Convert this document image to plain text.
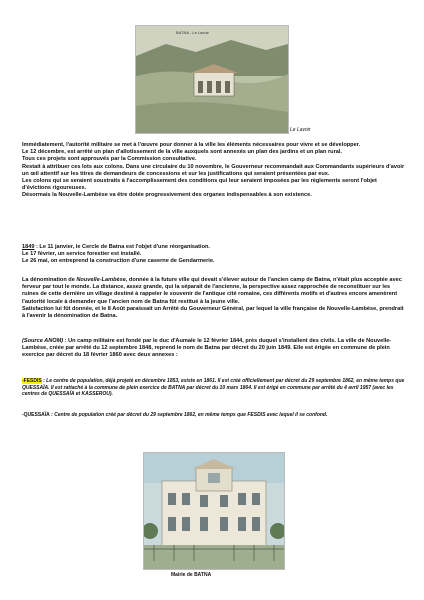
BATNA - Le Lavoir
Le Lavoir
Immédiatement, l'autorité militaire se met à l'œuvre pour donner à la ville les éléments nécessaires pour vivre et se développer.
Le 12 décembre, est arrêté un plan d'allotissement de la ville auxquels sont annexés un plan des jardins et un plan rural.
Tous ces projets sont approuvés par la Commission consultative.
Restait à attribuer ces lots aux colons. Dans une circulaire du 10 novembre, le Gouverneur recommandait aux Commandants supérieurs d'avoir un œil attentif sur les titres de demandeurs de concessions et sur les justifications qui seraient présentées par eux.
Les colons qui se seraient soustraits à l'accomplissement des conditions qui leur seraient imposées par les règlements seront l'objet d'évictions rigoureuses.
Désormais la Nouvelle-Lambèse va être dotée progressivement des organes indispensables à son existence.
1849 : Le 11 janvier, le Cercle de Batna est l'objet d'une réorganisation.
Le 17 février, un service forestier est installé.
Le 26 mai, on entreprend la construction d'une caserne de Gendarmerie.
La dénomination de Nouvelle-Lambèse, donnée à la future ville qui devait s'élever autour de l'ancien camp de Batna, n'était plus acceptée avec ferveur par tout le monde. La distance, assez grande, qui la séparait de l'ancienne, la perspective assez rapprochée de reconstituer sur les ruines de cette dernière un village destiné à rappeler le souvenir de l'antique cité romaine, ces différents motifs et d'autres encore amenèrent l'autorité locale à demander que l'ancien nom de Batna fût restitué à la jeune ville.
Satisfaction lui fût donnée, et le 8 Août paraissait un Arrêté du Gouverneur Général, par lequel la ville française de Nouvelle-Lambèse, prendrait à l'avenir la dénomination de Batna.
(Source ANOM) : Un camp militaire est fondé par le duc d'Aumale le 12 février 1844, près duquel s'installent des civils. La ville de Nouvelle-Lambèse, créée par arrêté du 12 septembre 1848, reprend le nom de Batna par décret du 20 juin 1849. Elle est érigée en commune de plein exercice par décret du 18 février 1860 avec deux annexes :
-FESDIS : Le centre de population, déjà projeté en décembre 1853, existe en 1861. Il est créé officiellement par décret du 29 septembre 1862, en même temps que QUESSAÏA. Il est rattaché à la commune de plein exercice de BATNA par décret du 10 mars 1864. Il est érigé en commune par arrêté du 4 avril 1957 (avec les centres de QUESSAÏA et KASSEROU).
-QUESSAÏA : Centre de population créé par décret du 29 septembre 1862, en même temps que FESDIS avec lequel il se confond.
Mairie de BATNA
